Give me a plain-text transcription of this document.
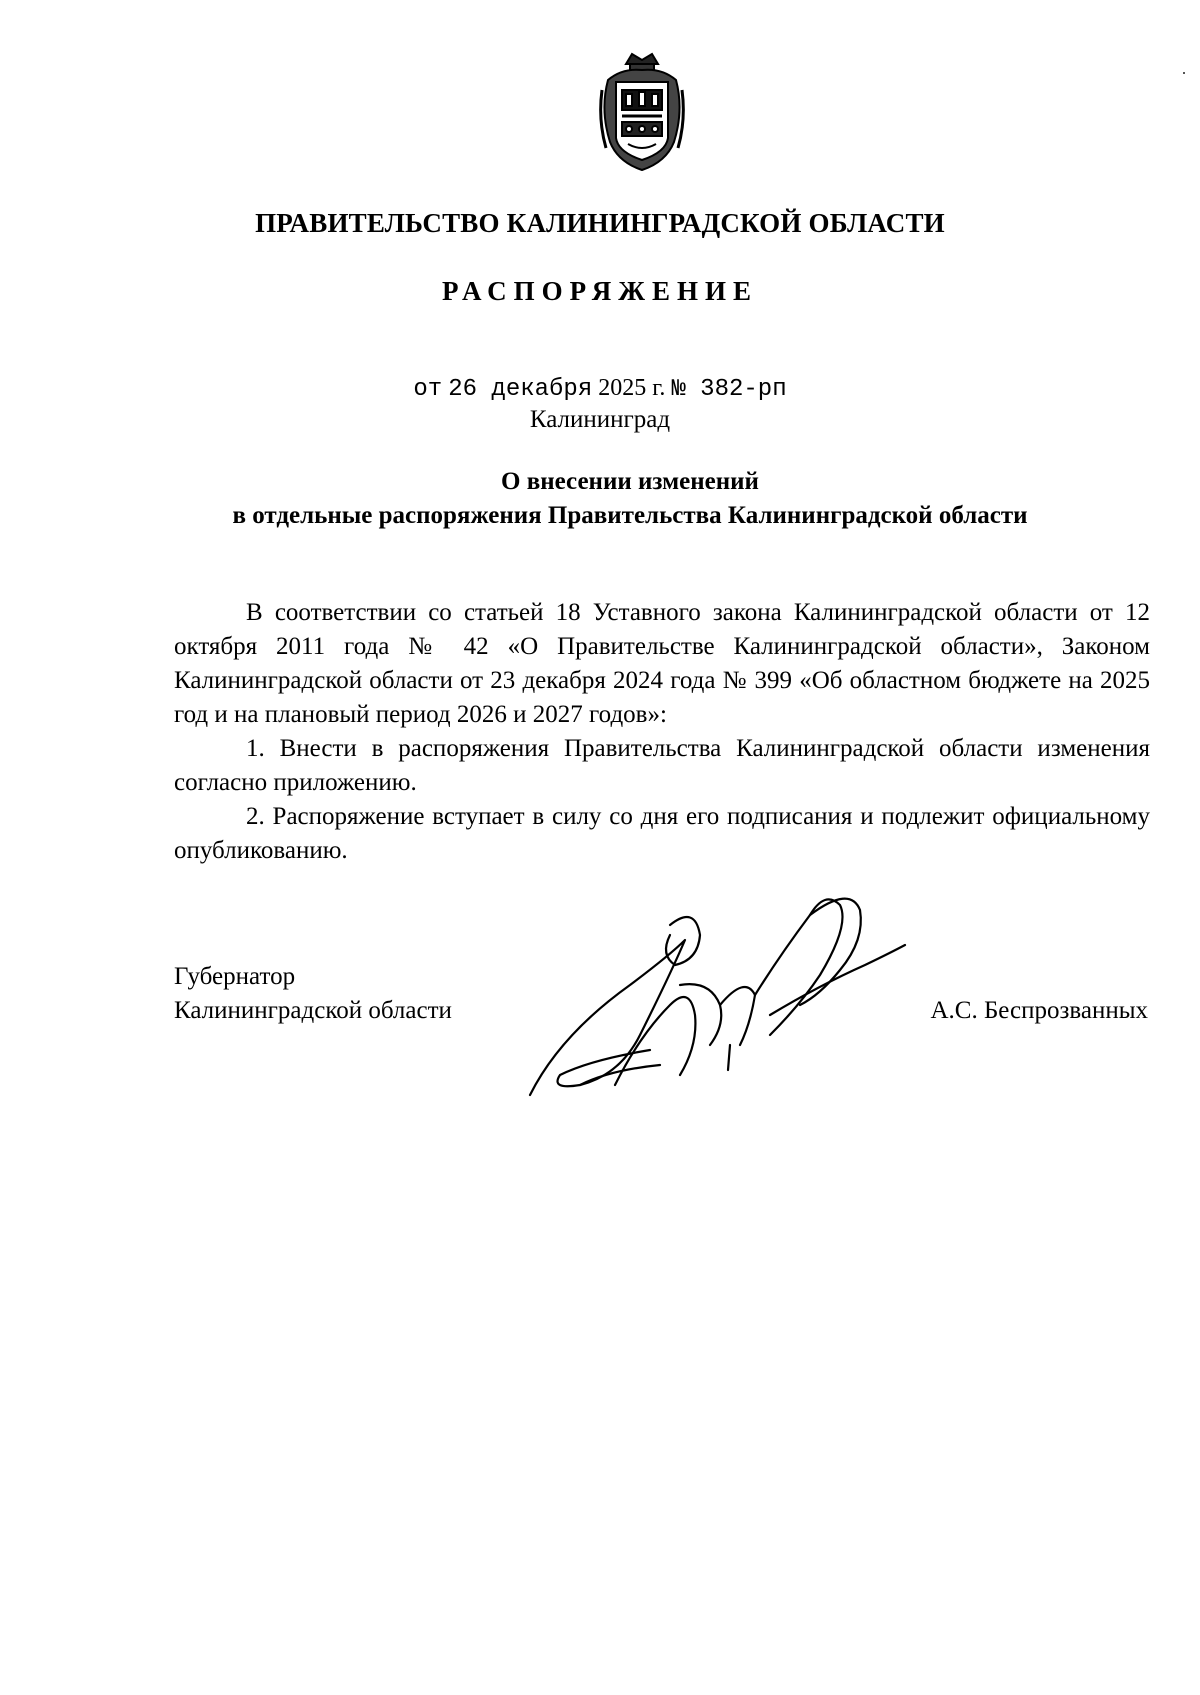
ПРАВИТЕЛЬСТВО КАЛИНИНГРАДСКОЙ ОБЛАСТИ
РАСПОРЯЖЕНИЕ
от 26 декабря 2025 г. № 382-рп
Калининград
О внесении изменений
в отдельные распоряжения Правительства Калининградской области

В соответствии со статьей 18 Уставного закона Калининградской области от 12 октября 2011 года № 42 «О Правительстве Калининградской области», Законом Калининградской области от 23 декабря 2024 года № 399 «Об областном бюджете на 2025 год и на плановый период 2026 и 2027 годов»:

1. Внести в распоряжения Правительства Калининградской области изменения согласно приложению.

2. Распоряжение вступает в силу со дня его подписания и подлежит официальному опубликованию.

Губернатор
Калининградской области	А.С. Беспрозванных
